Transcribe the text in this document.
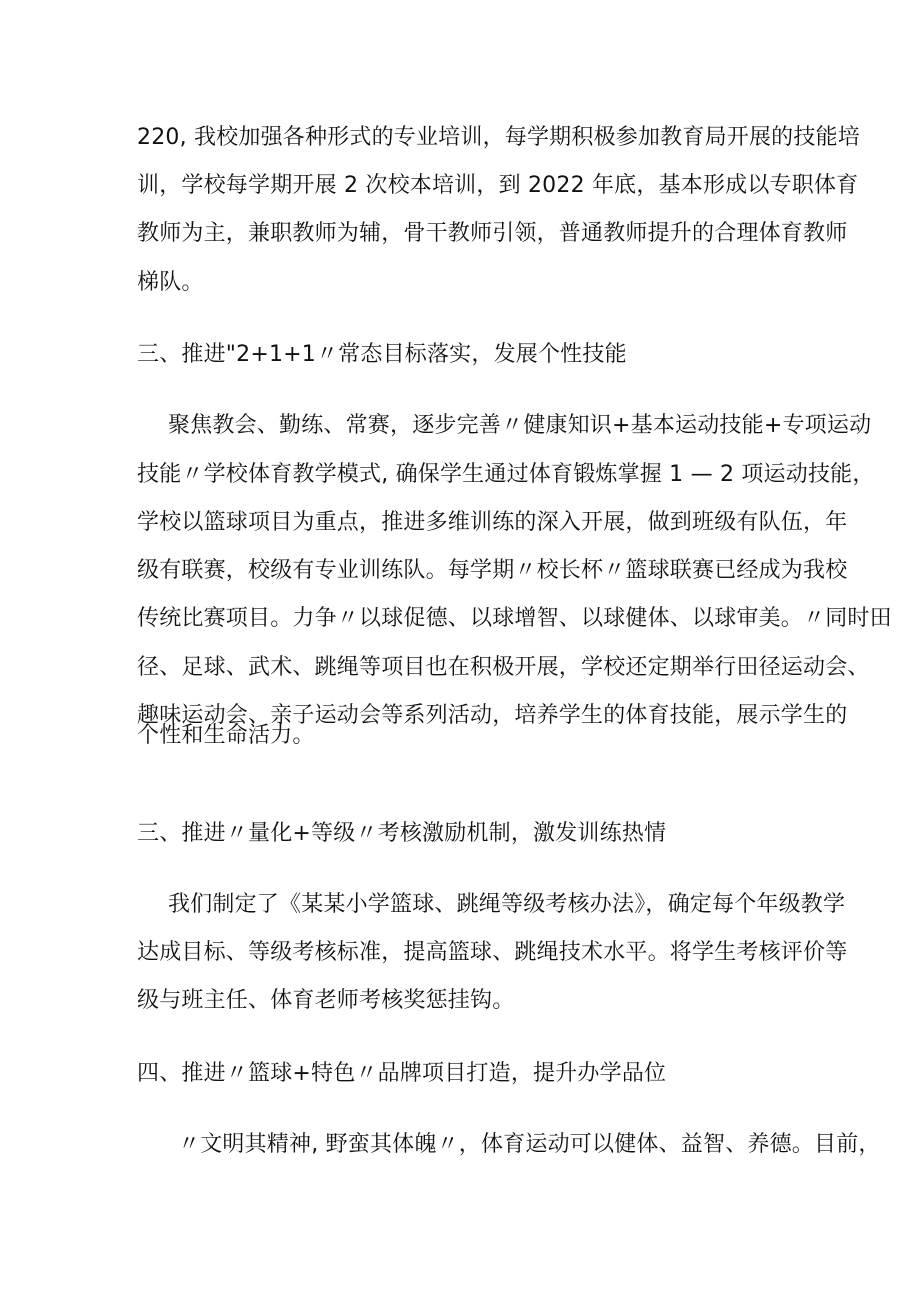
220, 我校加强各种形式的专业培训，每学期积极参加教育局开展的技能培
训，学校每学期开展 2 次校本培训，到 2022 年底，基本形成以专职体育
教师为主，兼职教师为辅，骨干教师引领，普通教师提升的合理体育教师
梯队。
三、推进"2+1+1〃常态目标落实，发展个性技能
聚焦教会、勤练、常赛，逐步完善〃健康知识+基本运动技能+专项运动
技能〃学校体育教学模式, 确保学生通过体育锻炼掌握 1 — 2 项运动技能，
学校以篮球项目为重点，推进多维训练的深入开展，做到班级有队伍，年
级有联赛，校级有专业训练队。每学期〃校长杯〃篮球联赛已经成为我校
传统比赛项目。力争〃以球促德、以球增智、以球健体、以球审美。〃同时田
径、足球、武术、跳绳等项目也在积极开展，学校还定期举行田径运动会、
趣味运动会、亲子运动会等系列活动，培养学生的体育技能，展示学生的
个性和生命活力。
三、推进〃量化+等级〃考核激励机制，激发训练热情
我们制定了《某某小学篮球、跳绳等级考核办法》，确定每个年级教学
达成目标、等级考核标准，提高篮球、跳绳技术水平。将学生考核评价等
级与班主任、体育老师考核奖惩挂钩。
四、推进〃篮球+特色〃品牌项目打造，提升办学品位
〃文明其精神, 野蛮其体魄〃，体育运动可以健体、益智、养德。目前，
